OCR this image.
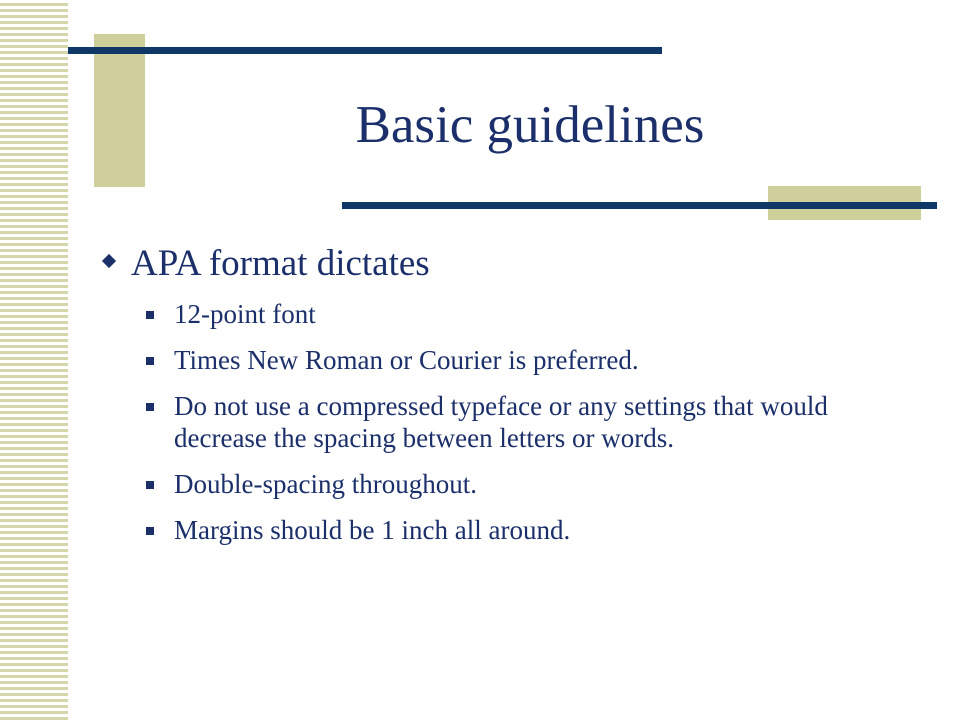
Basic guidelines
APA format dictates
12-point font
Times New Roman or Courier is preferred.
Do not use a compressed typeface or any settings that would decrease the spacing between letters or words.
Double-spacing throughout.
Margins should be 1 inch all around.
